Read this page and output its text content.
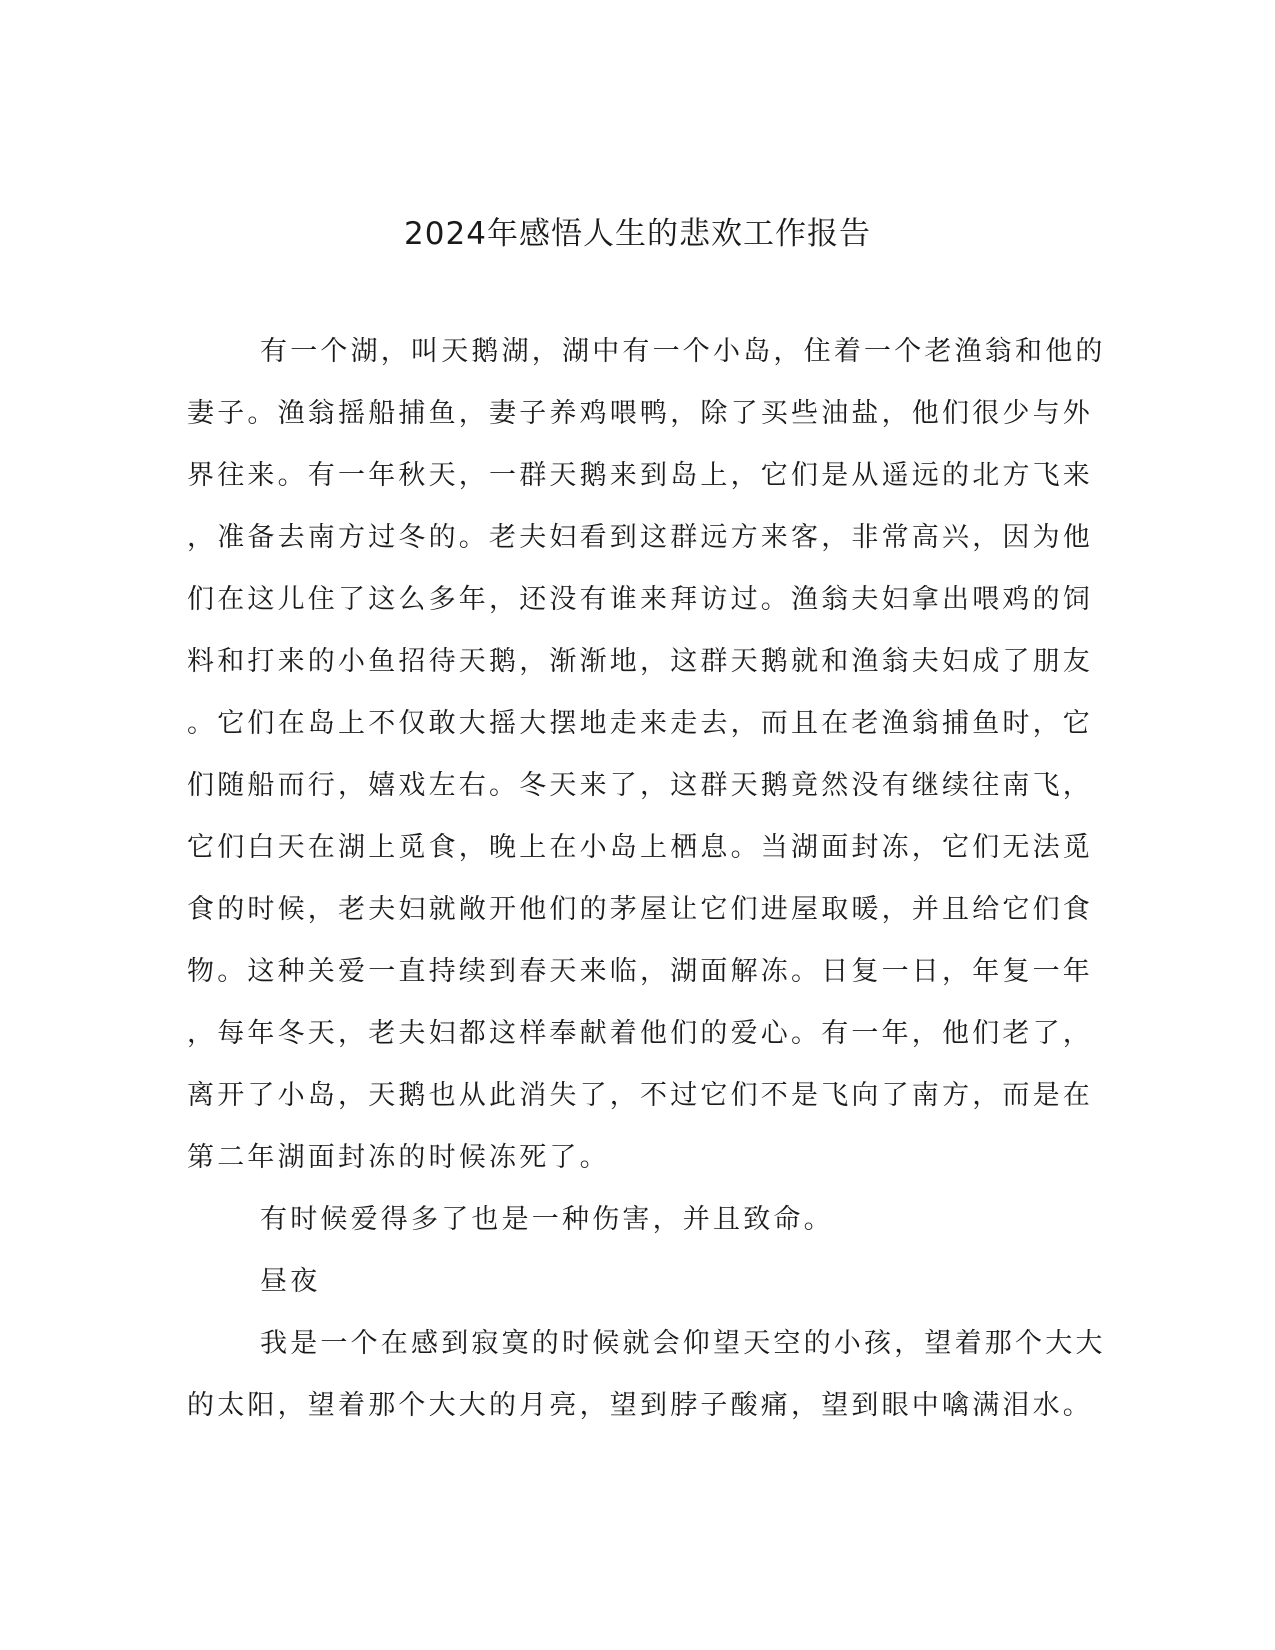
2024年感悟人生的悲欢工作报告
有一个湖，叫天鹅湖，湖中有一个小岛，住着一个老渔翁和他的
妻子。渔翁摇船捕鱼，妻子养鸡喂鸭，除了买些油盐，他们很少与外
界往来。有一年秋天，一群天鹅来到岛上，它们是从遥远的北方飞来
，准备去南方过冬的。老夫妇看到这群远方来客，非常高兴，因为他
们在这儿住了这么多年，还没有谁来拜访过。渔翁夫妇拿出喂鸡的饲
料和打来的小鱼招待天鹅，渐渐地，这群天鹅就和渔翁夫妇成了朋友
。它们在岛上不仅敢大摇大摆地走来走去，而且在老渔翁捕鱼时，它
们随船而行，嬉戏左右。冬天来了，这群天鹅竟然没有继续往南飞，
它们白天在湖上觅食，晚上在小岛上栖息。当湖面封冻，它们无法觅
食的时候，老夫妇就敞开他们的茅屋让它们进屋取暖，并且给它们食
物。这种关爱一直持续到春天来临，湖面解冻。日复一日，年复一年
，每年冬天，老夫妇都这样奉献着他们的爱心。有一年，他们老了，
离开了小岛，天鹅也从此消失了，不过它们不是飞向了南方，而是在
第二年湖面封冻的时候冻死了。
有时候爱得多了也是一种伤害，并且致命。
昼夜
我是一个在感到寂寞的时候就会仰望天空的小孩，望着那个大大
的太阳，望着那个大大的月亮，望到脖子酸痛，望到眼中噙满泪水。
